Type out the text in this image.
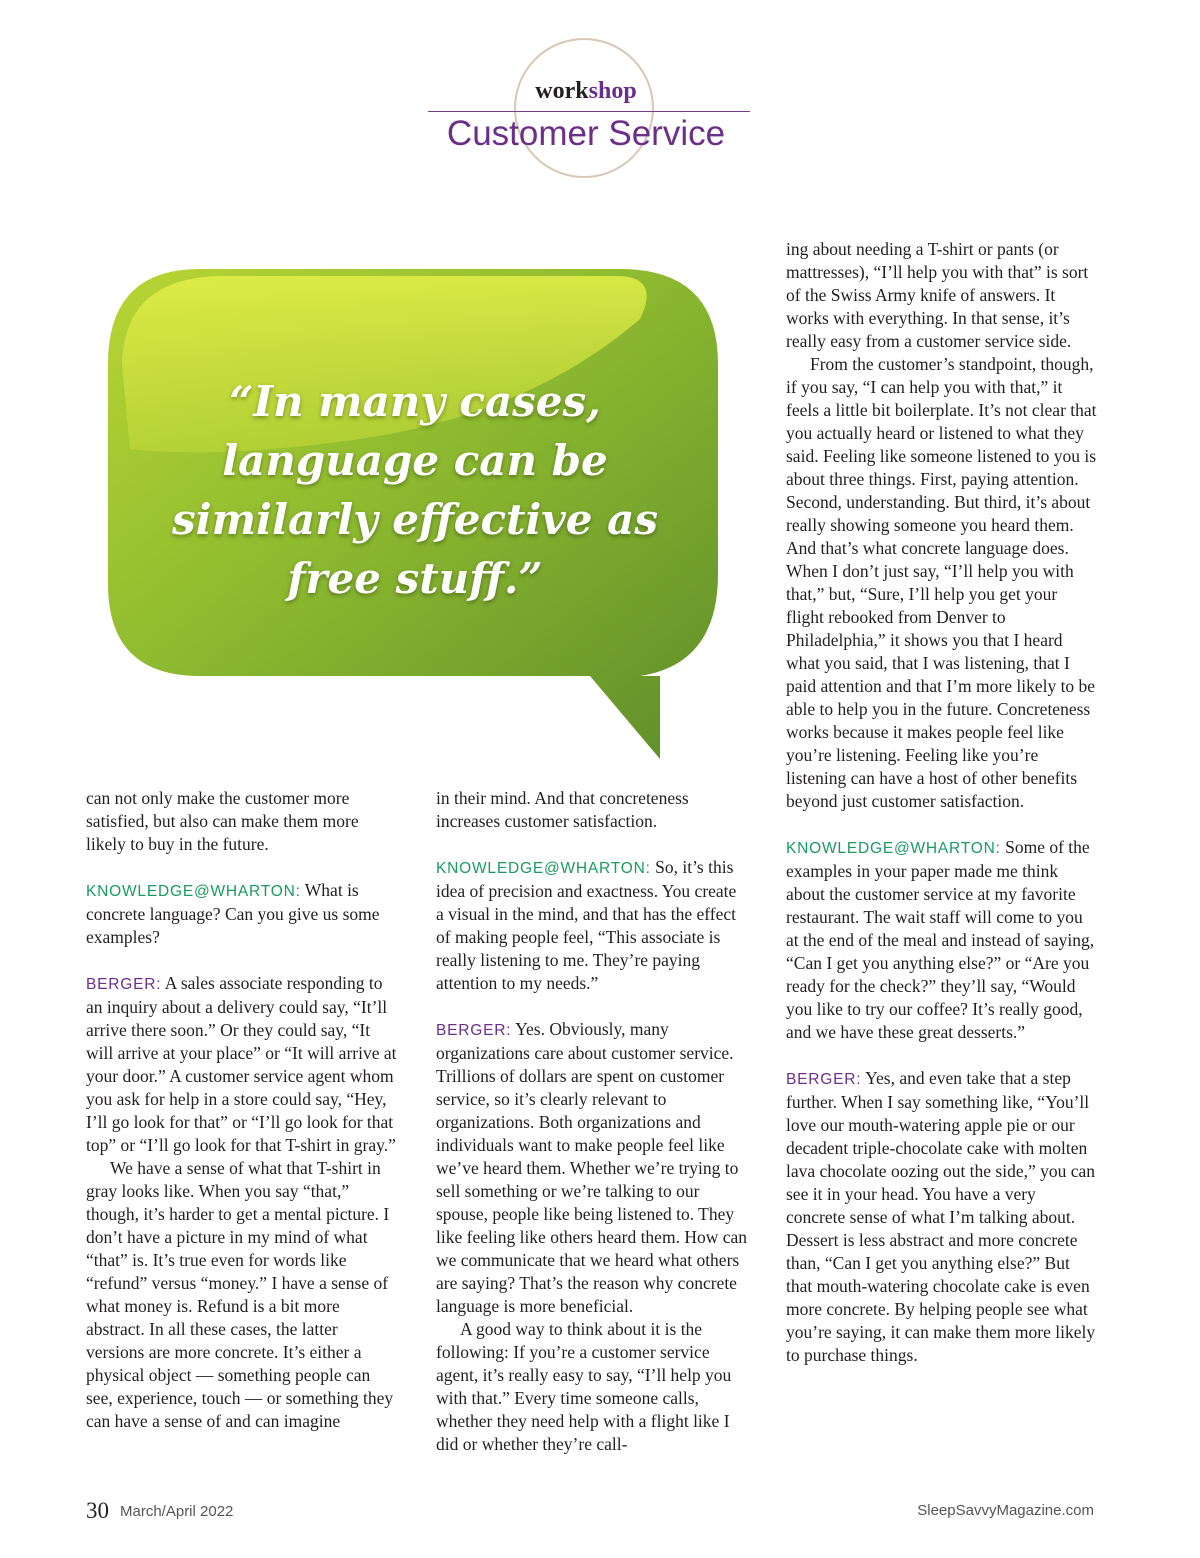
workshop
Customer Service
“In many cases, language can be similarly effective as free stuff.”

can not only make the customer more satisfied, but also can make them more likely to buy in the future.

KNOWLEDGE@WHARTON: What is concrete language? Can you give us some examples?

BERGER: A sales associate responding to an inquiry about a delivery could say, “It’ll arrive there soon.” Or they could say, “It will arrive at your place” or “It will arrive at your door.” A customer service agent whom you ask for help in a store could say, “Hey, I’ll go look for that” or “I’ll go look for that top” or “I’ll go look for that T-shirt in gray.”

We have a sense of what that T-shirt in gray looks like. When you say “that,” though, it’s harder to get a mental picture. I don’t have a picture in my mind of what “that” is. It’s true even for words like “refund” versus “money.” I have a sense of what money is. Refund is a bit more abstract. In all these cases, the latter versions are more concrete. It’s either a physical object — something people can see, experience, touch — or something they can have a sense of and can imagine

in their mind. And that concreteness increases customer satisfaction.

KNOWLEDGE@WHARTON: So, it’s this idea of precision and exactness. You create a visual in the mind, and that has the effect of making people feel, “This associate is really listening to me. They’re paying attention to my needs.”

BERGER: Yes. Obviously, many organizations care about customer service. Trillions of dollars are spent on customer service, so it’s clearly relevant to organizations. Both organizations and individuals want to make people feel like we’ve heard them. Whether we’re trying to sell something or we’re talking to our spouse, people like being listened to. They like feeling like others heard them. How can we communicate that we heard what others are saying? That’s the reason why concrete language is more beneficial.

A good way to think about it is the following: If you’re a customer service agent, it’s really easy to say, “I’ll help you with that.” Every time someone calls, whether they need help with a flight like I did or whether they’re call-

ing about needing a T-shirt or pants (or mattresses), “I’ll help you with that” is sort of the Swiss Army knife of answers. It works with everything. In that sense, it’s really easy from a customer service side.

From the customer’s standpoint, though, if you say, “I can help you with that,” it feels a little bit boilerplate. It’s not clear that you actually heard or listened to what they said. Feeling like someone listened to you is about three things. First, paying attention. Second, understanding. But third, it’s about really showing someone you heard them. And that’s what concrete language does. When I don’t just say, “I’ll help you with that,” but, “Sure, I’ll help you get your flight rebooked from Denver to Philadelphia,” it shows you that I heard what you said, that I was listening, that I paid attention and that I’m more likely to be able to help you in the future. Concreteness works because it makes people feel like you’re listening. Feeling like you’re listening can have a host of other benefits beyond just customer satisfaction.

KNOWLEDGE@WHARTON: Some of the examples in your paper made me think about the customer service at my favorite restaurant. The wait staff will come to you at the end of the meal and instead of saying, “Can I get you anything else?” or “Are you ready for the check?” they’ll say, “Would you like to try our coffee? It’s really good, and we have these great desserts.”

BERGER: Yes, and even take that a step further. When I say something like, “You’ll love our mouth-watering apple pie or our decadent triple-chocolate cake with molten lava chocolate oozing out the side,” you can see it in your head. You have a very concrete sense of what I’m talking about. Dessert is less abstract and more concrete than, “Can I get you anything else?” But that mouth-watering chocolate cake is even more concrete. By helping people see what you’re saying, it can make them more likely to purchase things.

30 March/April 2022	SleepSavvyMagazine.com
